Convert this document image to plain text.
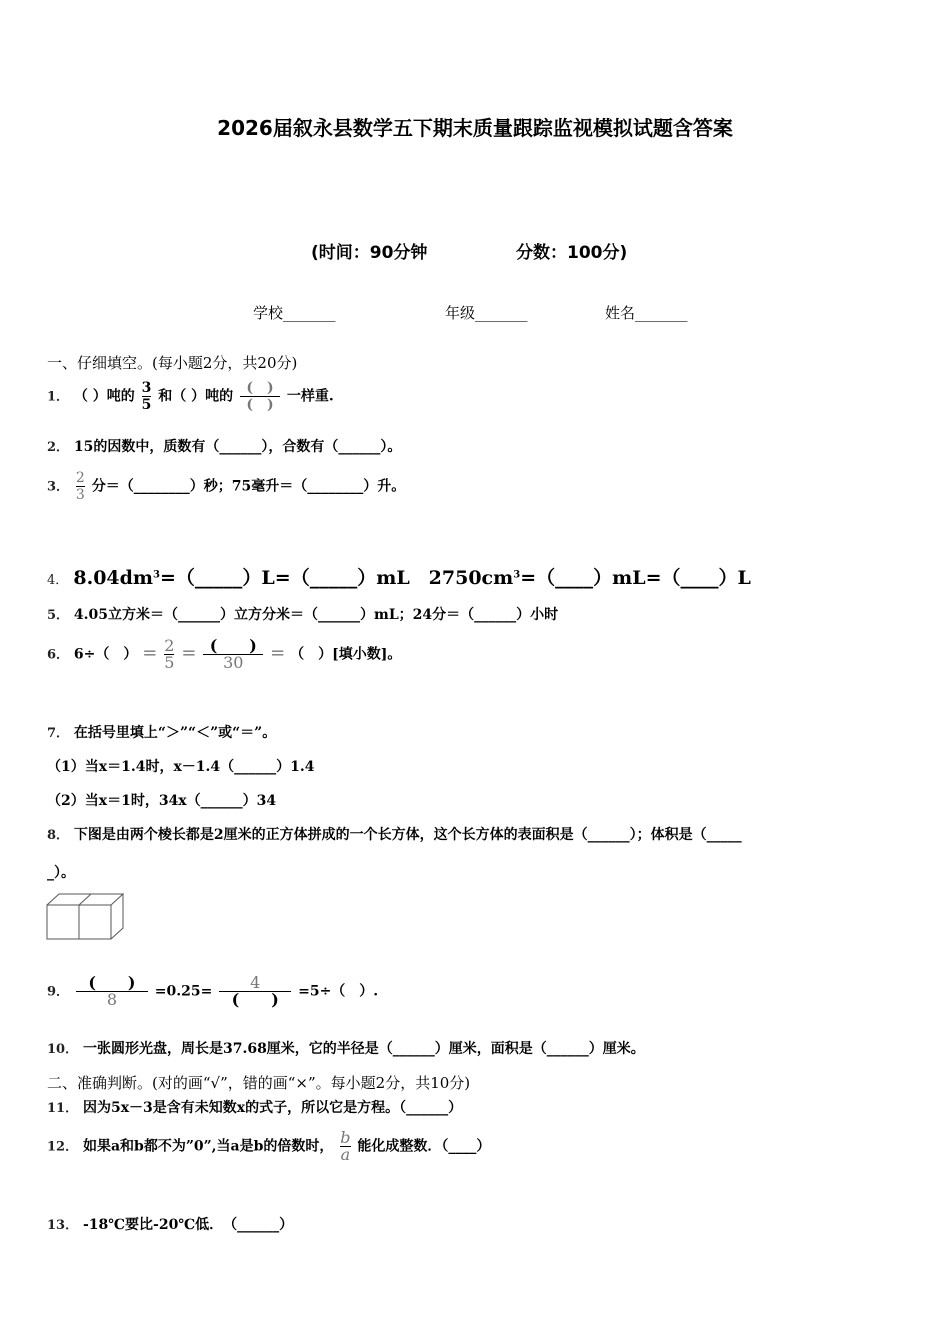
2026届叙永县数学五下期末质量跟踪监视模拟试题含答案
(时间：90分钟	分数：100分)
学校_______	年级_______	姓名_______
一、仔细填空。(每小题2分，共20分)
1． （ ）吨的 $\frac{3}{5}$ 和（ ）吨的 $\frac{( )}{( )}$ 一样重.
2． 15的因数中，质数有（______），合数有（______）。
3． $\frac{2}{3}$ 分＝（________）秒；75毫升＝（________）升。
4． $8.04dm^3=(\_\_\_\_\_)L=(\_\_\_\_\_)mL$　$2750cm^3=(\_\_\_\_)mL=(\_\_\_\_)L$
5． 4.05立方米＝（______）立方分米＝（______）mL；24分＝（______）小时
6． 6÷（　） = $\frac{2}{5} = \frac{( )}{30}$ = （　）[填小数]。
7． 在括号里填上“＞”“＜”或“＝”。
（1）当x＝1.4时，x－1.4（______）1.4
（2）当x＝1时，34x（______）34
8． 下图是由两个棱长都是2厘米的正方体拼成的一个长方体，这个长方体的表面积是（______）；体积是（_____
_）。
9． $\frac{( )}{8} =0.25= \frac{4}{( )} =5\div$（　）.
10． 一张圆形光盘，周长是37.68厘米，它的半径是（______）厘米，面积是（______）厘米。
二、准确判断。(对的画“√”，错的画“×”。每小题2分，共10分)
11． 因为5x－3是含有未知数x的式子，所以它是方程。（______）
12． 如果a和b都不为”0”,当a是b的倍数时， $\frac{b}{a}$ 能化成整数．（____）
13． -18℃要比-20℃低．　（______）
